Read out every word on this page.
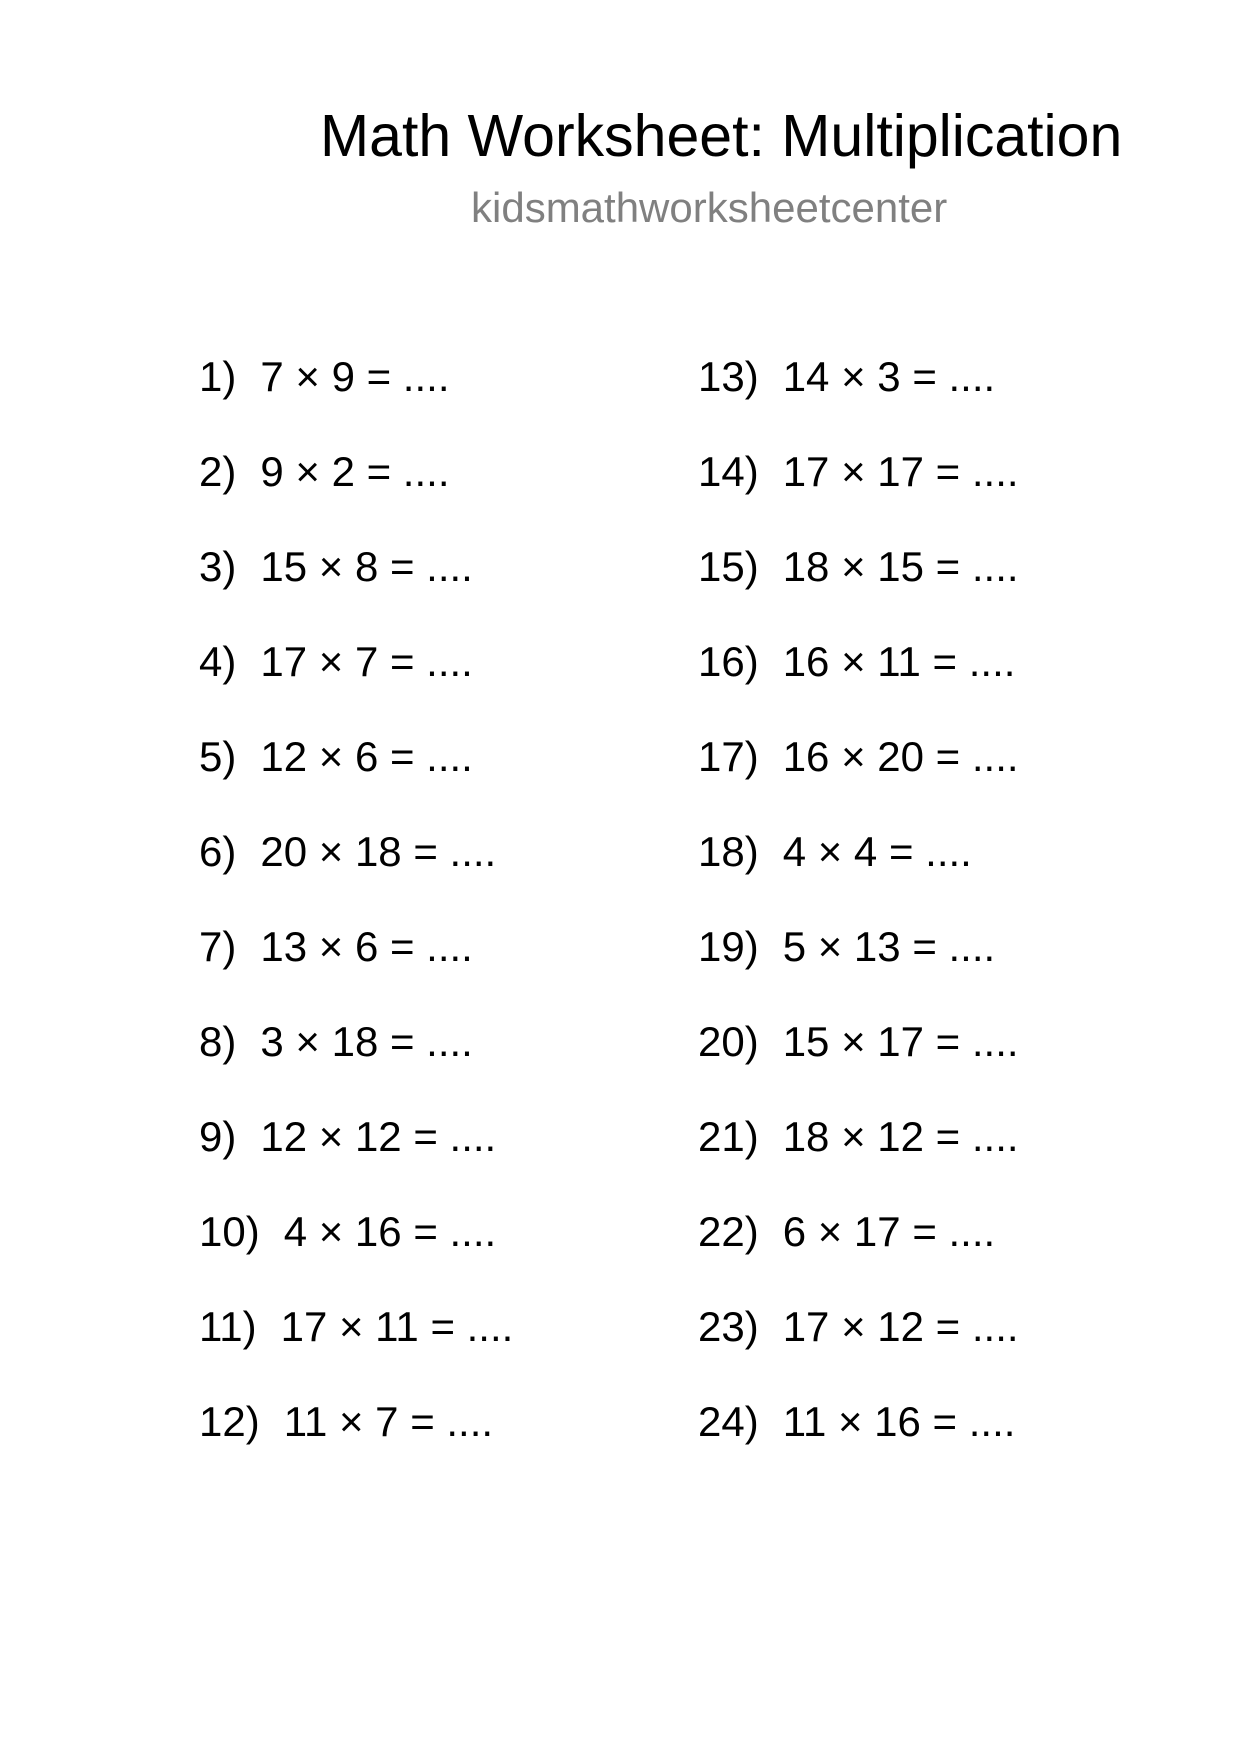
Math Worksheet: Multiplication
kidsmathworksheetcenter
1) 7 × 9 = ....
2) 9 × 2 = ....
3) 15 × 8 = ....
4) 17 × 7 = ....
5) 12 × 6 = ....
6) 20 × 18 = ....
7) 13 × 6 = ....
8) 3 × 18 = ....
9) 12 × 12 = ....
10) 4 × 16 = ....
11) 17 × 11 = ....
12) 11 × 7 = ....
13) 14 × 3 = ....
14) 17 × 17 = ....
15) 18 × 15 = ....
16) 16 × 11 = ....
17) 16 × 20 = ....
18) 4 × 4 = ....
19) 5 × 13 = ....
20) 15 × 17 = ....
21) 18 × 12 = ....
22) 6 × 17 = ....
23) 17 × 12 = ....
24) 11 × 16 = ....
